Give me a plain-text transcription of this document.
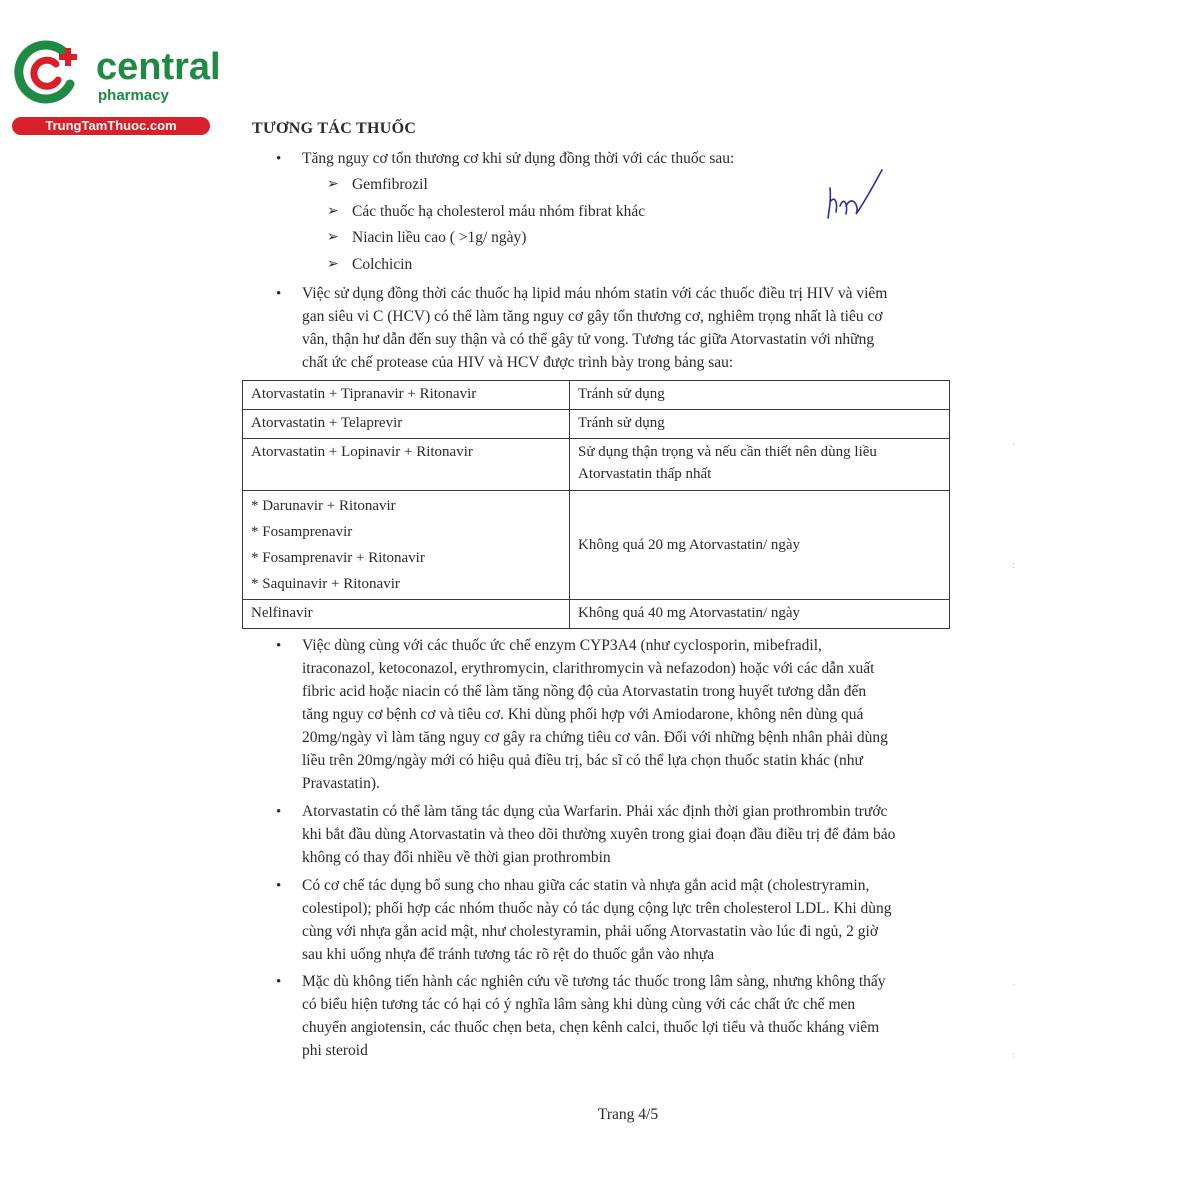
central
pharmacy
TrungTamThuoc.com	TƯƠNG TÁC THUỐC
• Tăng nguy cơ tổn thương cơ khi sử dụng đồng thời với các thuốc sau:
➢ Gemfibrozil
➢ Các thuốc hạ cholesterol máu nhóm fibrat khác
➢ Niacin liều cao ( >1g/ ngày)
➢ Colchicin
• Việc sử dụng đồng thời các thuốc hạ lipid máu nhóm statin với các thuốc điều trị HIV và viêm
gan siêu vi C (HCV) có thể làm tăng nguy cơ gây tổn thương cơ, nghiêm trọng nhất là tiêu cơ
vân, thận hư dẫn đến suy thận và có thể gây tử vong. Tương tác giữa Atorvastatin với những
chất ức chế protease của HIV và HCV được trình bày trong bảng sau:
Atorvastatin + Tipranavir + Ritonavir	Tránh sử dụng
Atorvastatin + Telaprevir	Tránh sử dụng
Atorvastatin + Lopinavir + Ritonavir	Sử dụng thận trọng và nếu cần thiết nên dùng liều
Atorvastatin thấp nhất

* Darunavir + Ritonavir
* Fosamprenavir
* Fosamprenavir + Ritonavir
* Saquinavir + Ritonavir	Không quá 20 mg Atorvastatin/ ngày
Nelfinavir	Không quá 40 mg Atorvastatin/ ngày
• Việc dùng cùng với các thuốc ức chế enzym CYP3A4 (như cyclosporin, mibefradil,
itraconazol, ketoconazol, erythromycin, clarithromycin và nefazodon) hoặc với các dẫn xuất
fibric acid hoặc niacin có thể làm tăng nồng độ của Atorvastatin trong huyết tương dẫn đến
tăng nguy cơ bệnh cơ và tiêu cơ. Khi dùng phối hợp với Amiodarone, không nên dùng quá
20mg/ngày vì làm tăng nguy cơ gây ra chứng tiêu cơ vân. Đối với những bệnh nhân phải dùng
liều trên 20mg/ngày mới có hiệu quả điều trị, bác sĩ có thể lựa chọn thuốc statin khác (như
Pravastatin).
• Atorvastatin có thể làm tăng tác dụng của Warfarin. Phải xác định thời gian prothrombin trước
khi bắt đầu dùng Atorvastatin và theo dõi thường xuyên trong giai đoạn đầu điều trị để đảm bảo
không có thay đổi nhiều về thời gian prothrombin
• Có cơ chế tác dụng bổ sung cho nhau giữa các statin và nhựa gắn acid mật (cholestryramin,
colestipol); phối hợp các nhóm thuốc này có tác dụng cộng lực trên cholesterol LDL. Khi dùng
cùng với nhựa gắn acid mật, như cholestyramin, phải uống Atorvastatin vào lúc đi ngủ, 2 giờ
sau khi uống nhựa để tránh tương tác rõ rệt do thuốc gắn vào nhựa
• Mặc dù không tiến hành các nghiên cứu về tương tác thuốc trong lâm sàng, nhưng không thấy
có biểu hiện tương tác có hại có ý nghĩa lâm sàng khi dùng cùng với các chất ức chế men
chuyển angiotensin, các thuốc chẹn beta, chẹn kênh calci, thuốc lợi tiểu và thuốc kháng viêm
phi steroid
·
:
·
:
Trang 4/5
